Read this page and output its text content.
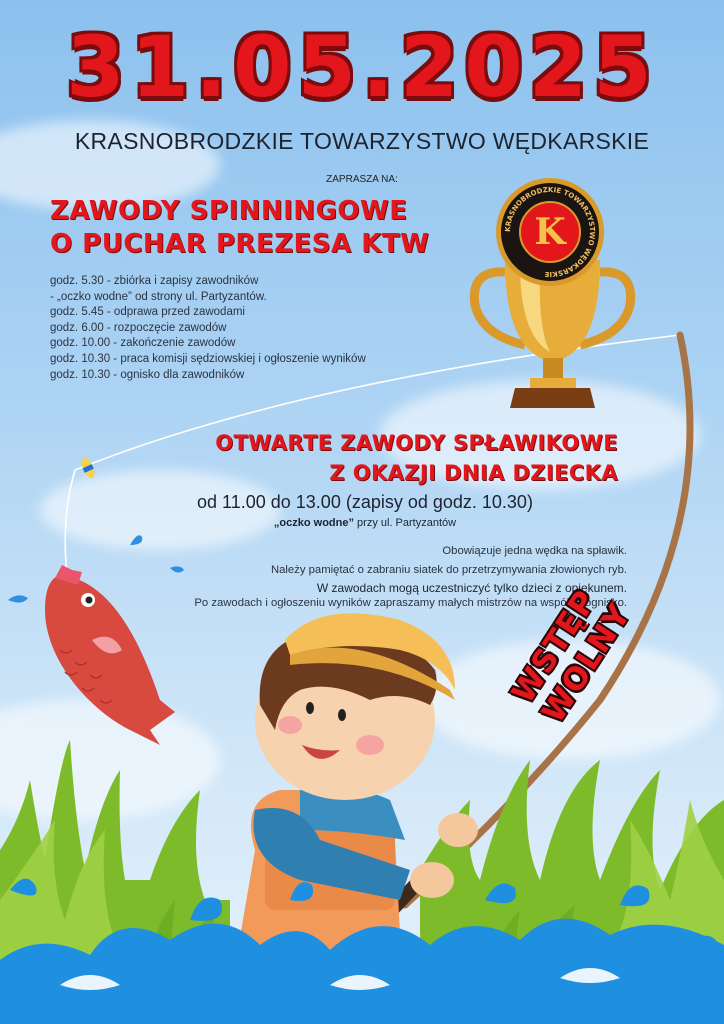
KRASNOBRODZKIE TOWARZYSTWO WĘDKARSKIE
K
31.05.2025
KRASNOBRODZKIE TOWARZYSTWO WĘDKARSKIE
ZAPRASZA NA:
ZAWODY SPINNINGOWE
O PUCHAR PREZESA KTW
godz. 5.30 - zbiórka i zapisy zawodników
- „oczko wodne” od strony ul. Partyzantów.
godz. 5.45 - odprawa przed zawodami
godz. 6.00 - rozpoczęcie zawodów
godz. 10.00 - zakończenie zawodów
godz. 10.30 - praca komisji sędziowskiej i ogłoszenie wyników
godz. 10.30 - ognisko dla zawodników
OTWARTE ZAWODY SPŁAWIKOWE
Z OKAZJI DNIA DZIECKA
od 11.00 do 13.00 (zapisy od godz. 10.30)
„oczko wodne” przy ul. Partyzantów
Obowiązuje jedna wędka na spławik.
Należy pamiętać o zabraniu siatek do przetrzymywania złowionych ryb.
W zawodach mogą uczestniczyć tylko dzieci z opiekunem.
Po zawodach i ogłoszeniu wyników zapraszamy małych mistrzów na wspólne ognisko.
WSTĘP WOLNY
